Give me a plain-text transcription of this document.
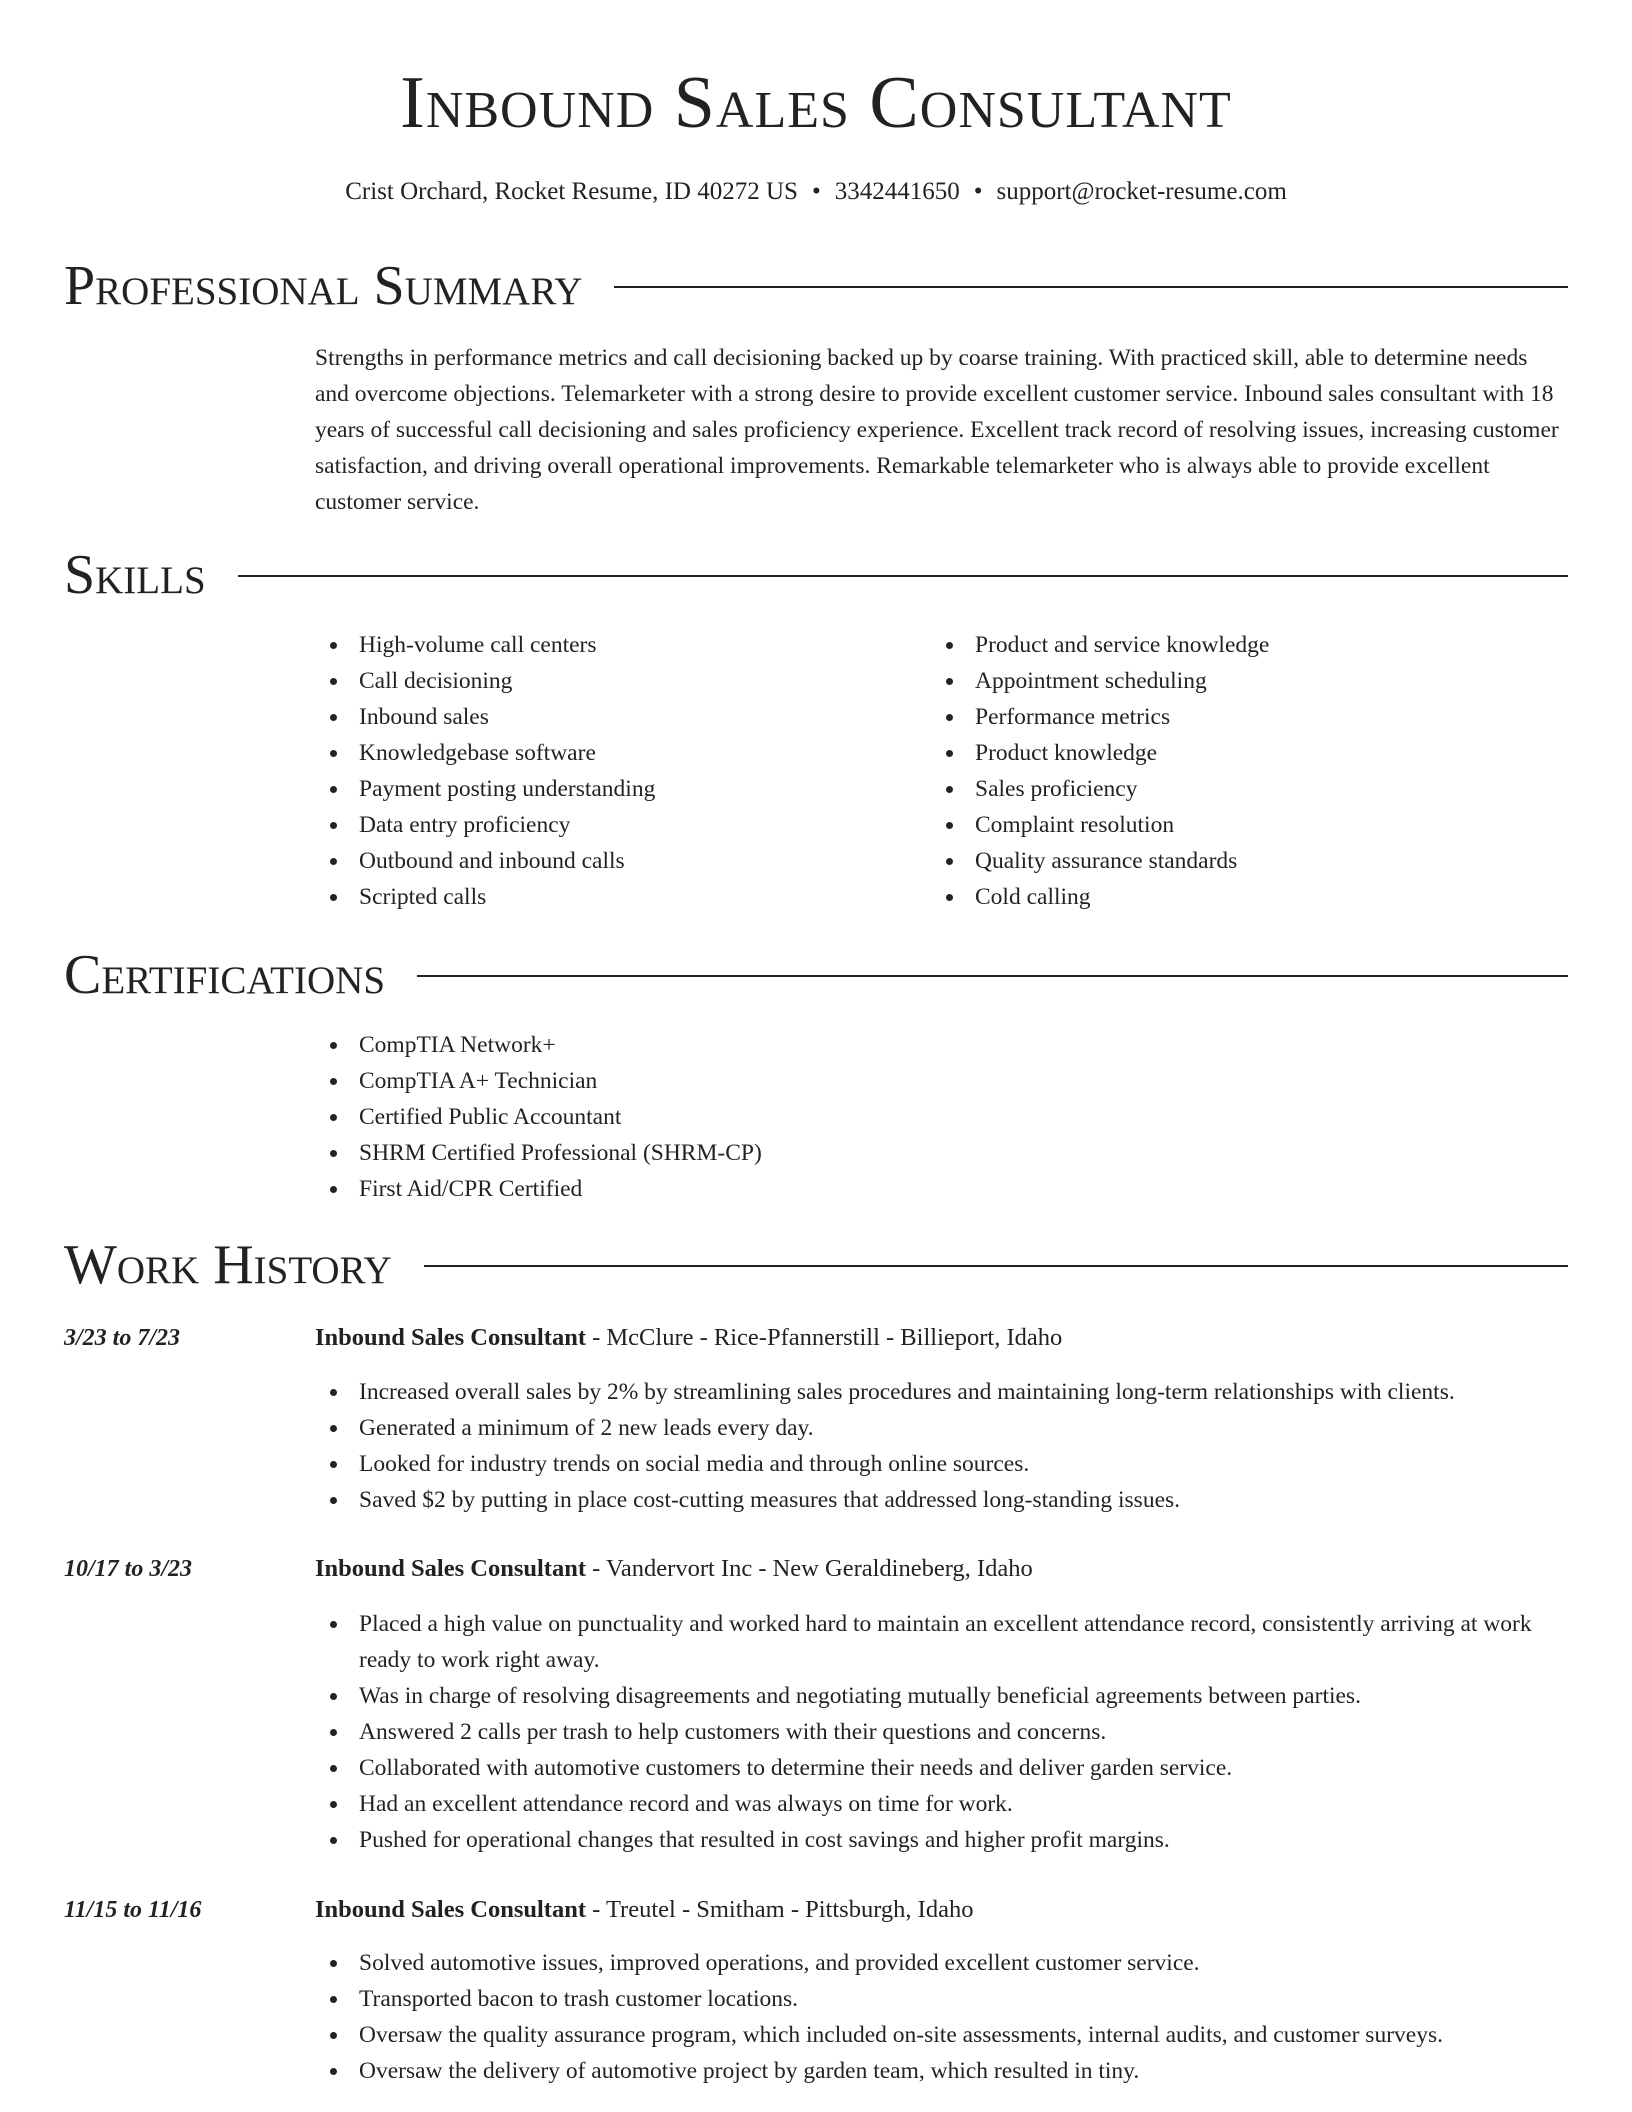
Inbound Sales Consultant
Crist Orchard, Rocket Resume, ID 40272 US • 3342441650 • support@rocket-resume.com
Professional Summary
Strengths in performance metrics and call decisioning backed up by coarse training. With practiced skill, able to determine needs and overcome objections. Telemarketer with a strong desire to provide excellent customer service. Inbound sales consultant with 18 years of successful call decisioning and sales proficiency experience. Excellent track record of resolving issues, increasing customer satisfaction, and driving overall operational improvements. Remarkable telemarketer who is always able to provide excellent customer service.
Skills
High-volume call centers
Call decisioning
Inbound sales
Knowledgebase software
Payment posting understanding
Data entry proficiency
Outbound and inbound calls
Scripted calls
Product and service knowledge
Appointment scheduling
Performance metrics
Product knowledge
Sales proficiency
Complaint resolution
Quality assurance standards
Cold calling
Certifications
CompTIA Network+
CompTIA A+ Technician
Certified Public Accountant
SHRM Certified Professional (SHRM-CP)
First Aid/CPR Certified
Work History
3/23 to 7/23	Inbound Sales Consultant - McClure - Rice-Pfannerstill - Billieport, Idaho
Increased overall sales by 2% by streamlining sales procedures and maintaining long-term relationships with clients.
Generated a minimum of 2 new leads every day.
Looked for industry trends on social media and through online sources.
Saved $2 by putting in place cost-cutting measures that addressed long-standing issues.
10/17 to 3/23	Inbound Sales Consultant - Vandervort Inc - New Geraldineberg, Idaho
Placed a high value on punctuality and worked hard to maintain an excellent attendance record, consistently arriving at work ready to work right away.
Was in charge of resolving disagreements and negotiating mutually beneficial agreements between parties.
Answered 2 calls per trash to help customers with their questions and concerns.
Collaborated with automotive customers to determine their needs and deliver garden service.
Had an excellent attendance record and was always on time for work.
Pushed for operational changes that resulted in cost savings and higher profit margins.
11/15 to 11/16	Inbound Sales Consultant - Treutel - Smitham - Pittsburgh, Idaho
Solved automotive issues, improved operations, and provided excellent customer service.
Transported bacon to trash customer locations.
Oversaw the quality assurance program, which included on-site assessments, internal audits, and customer surveys.
Oversaw the delivery of automotive project by garden team, which resulted in tiny.
